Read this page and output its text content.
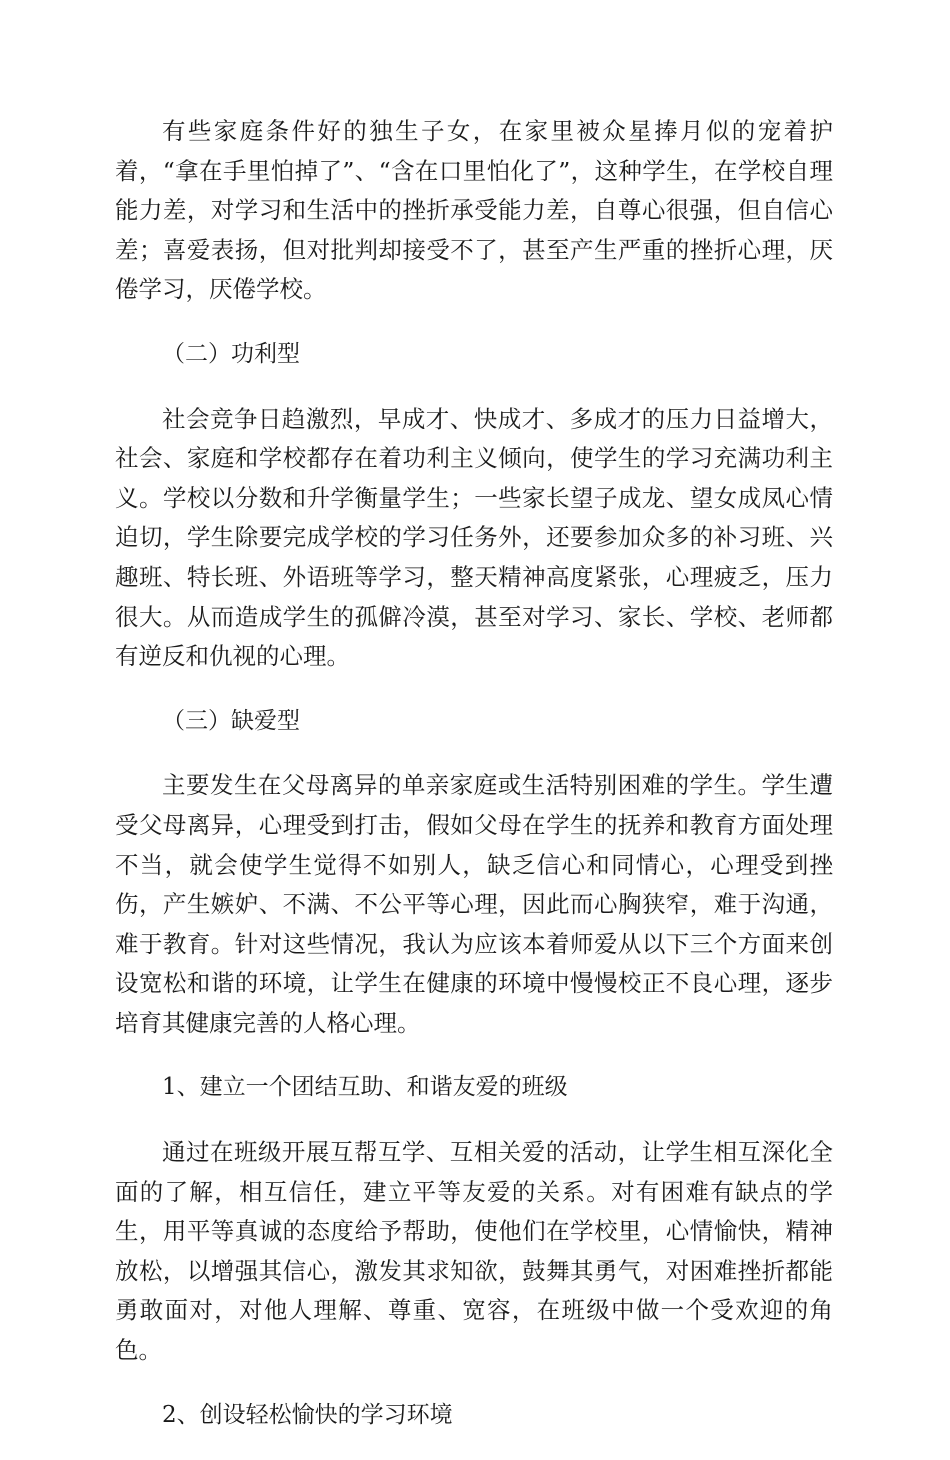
有些家庭条件好的独生子女，在家里被众星捧月似的宠着护着，“拿在手里怕掉了”、“含在口里怕化了”，这种学生，在学校自理能力差，对学习和生活中的挫折承受能力差，自尊心很强，但自信心差；喜爱表扬，但对批判却接受不了，甚至产生严重的挫折心理，厌倦学习，厌倦学校。

（二）功利型

社会竞争日趋激烈，早成才、快成才、多成才的压力日益增大，社会、家庭和学校都存在着功利主义倾向，使学生的学习充满功利主义。学校以分数和升学衡量学生；一些家长望子成龙、望女成凤心情迫切，学生除要完成学校的学习任务外，还要参加众多的补习班、兴趣班、特长班、外语班等学习，整天精神高度紧张，心理疲乏，压力很大。从而造成学生的孤僻冷漠，甚至对学习、家长、学校、老师都有逆反和仇视的心理。

（三）缺爱型

主要发生在父母离异的单亲家庭或生活特别困难的学生。学生遭受父母离异，心理受到打击，假如父母在学生的抚养和教育方面处理不当，就会使学生觉得不如别人，缺乏信心和同情心，心理受到挫伤，产生嫉妒、不满、不公平等心理，因此而心胸狭窄，难于沟通，难于教育。针对这些情况，我认为应该本着师爱从以下三个方面来创设宽松和谐的环境，让学生在健康的环境中慢慢校正不良心理，逐步培育其健康完善的人格心理。

1、建立一个团结互助、和谐友爱的班级

通过在班级开展互帮互学、互相关爱的活动，让学生相互深化全面的了解，相互信任，建立平等友爱的关系。对有困难有缺点的学生，用平等真诚的态度给予帮助，使他们在学校里，心情愉快，精神放松，以增强其信心，激发其求知欲，鼓舞其勇气，对困难挫折都能勇敢面对，对他人理解、尊重、宽容，在班级中做一个受欢迎的角色。

2、创设轻松愉快的学习环境
